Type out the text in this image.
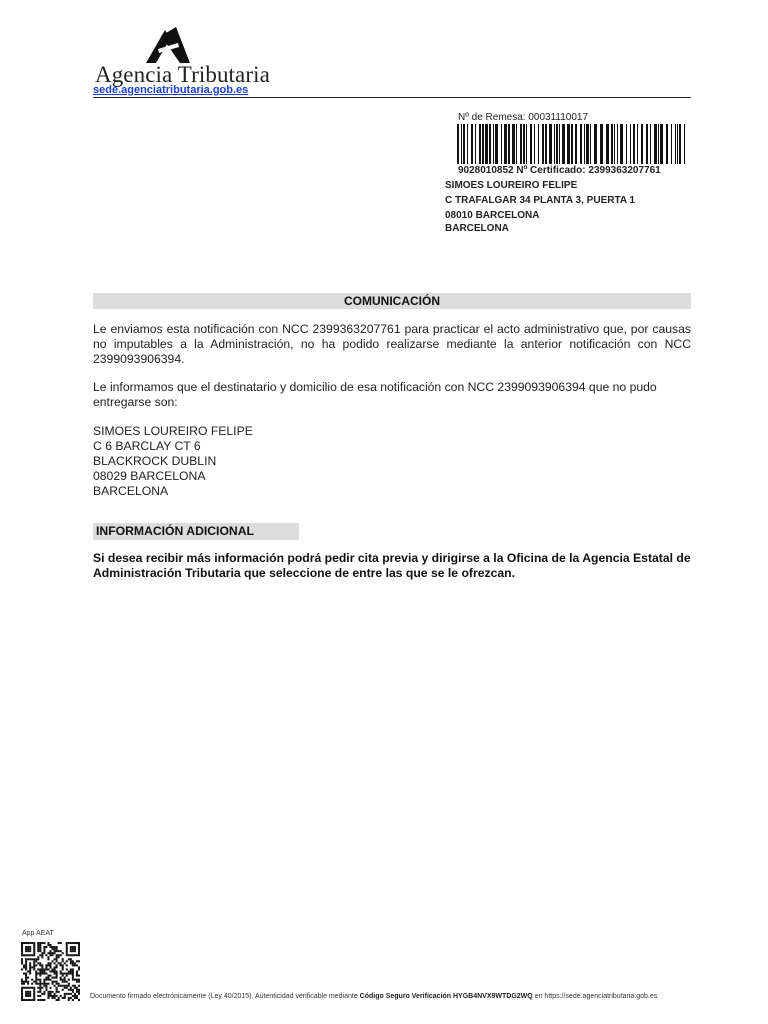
Agencia Tributaria
sede.agenciatributaria.gob.es
Nº de Remesa: 00031110017
9028010852 Nº Certificado: 2399363207761
SIMOES LOUREIRO FELIPE
C TRAFALGAR 34 PLANTA 3, PUERTA 1
08010 BARCELONA
BARCELONA
COMUNICACIÓN
Le enviamos esta notificación con NCC 2399363207761 para practicar el acto administrativo que, por causas no imputables a la Administración, no ha podido realizarse mediante la anterior notificación con NCC 2399093906394.
Le informamos que el destinatario y domicilio de esa notificación con NCC 2399093906394 que no pudo entregarse son:
SIMOES LOUREIRO FELIPE
C 6 BARCLAY CT 6
BLACKROCK DUBLIN
08029 BARCELONA
BARCELONA
INFORMACIÓN ADICIONAL
Si desea recibir más información podrá pedir cita previa y dirigirse a la Oficina de la Agencia Estatal de Administración Tributaria que seleccione de entre las que se le ofrezcan.
App AEAT
Documento firmado electrónicamente (Ley 40/2015). Autenticidad verificable mediante Código Seguro Verificación HYGB4NVX9WTDG2WQ en https://sede.agenciatributaria.gob.es
